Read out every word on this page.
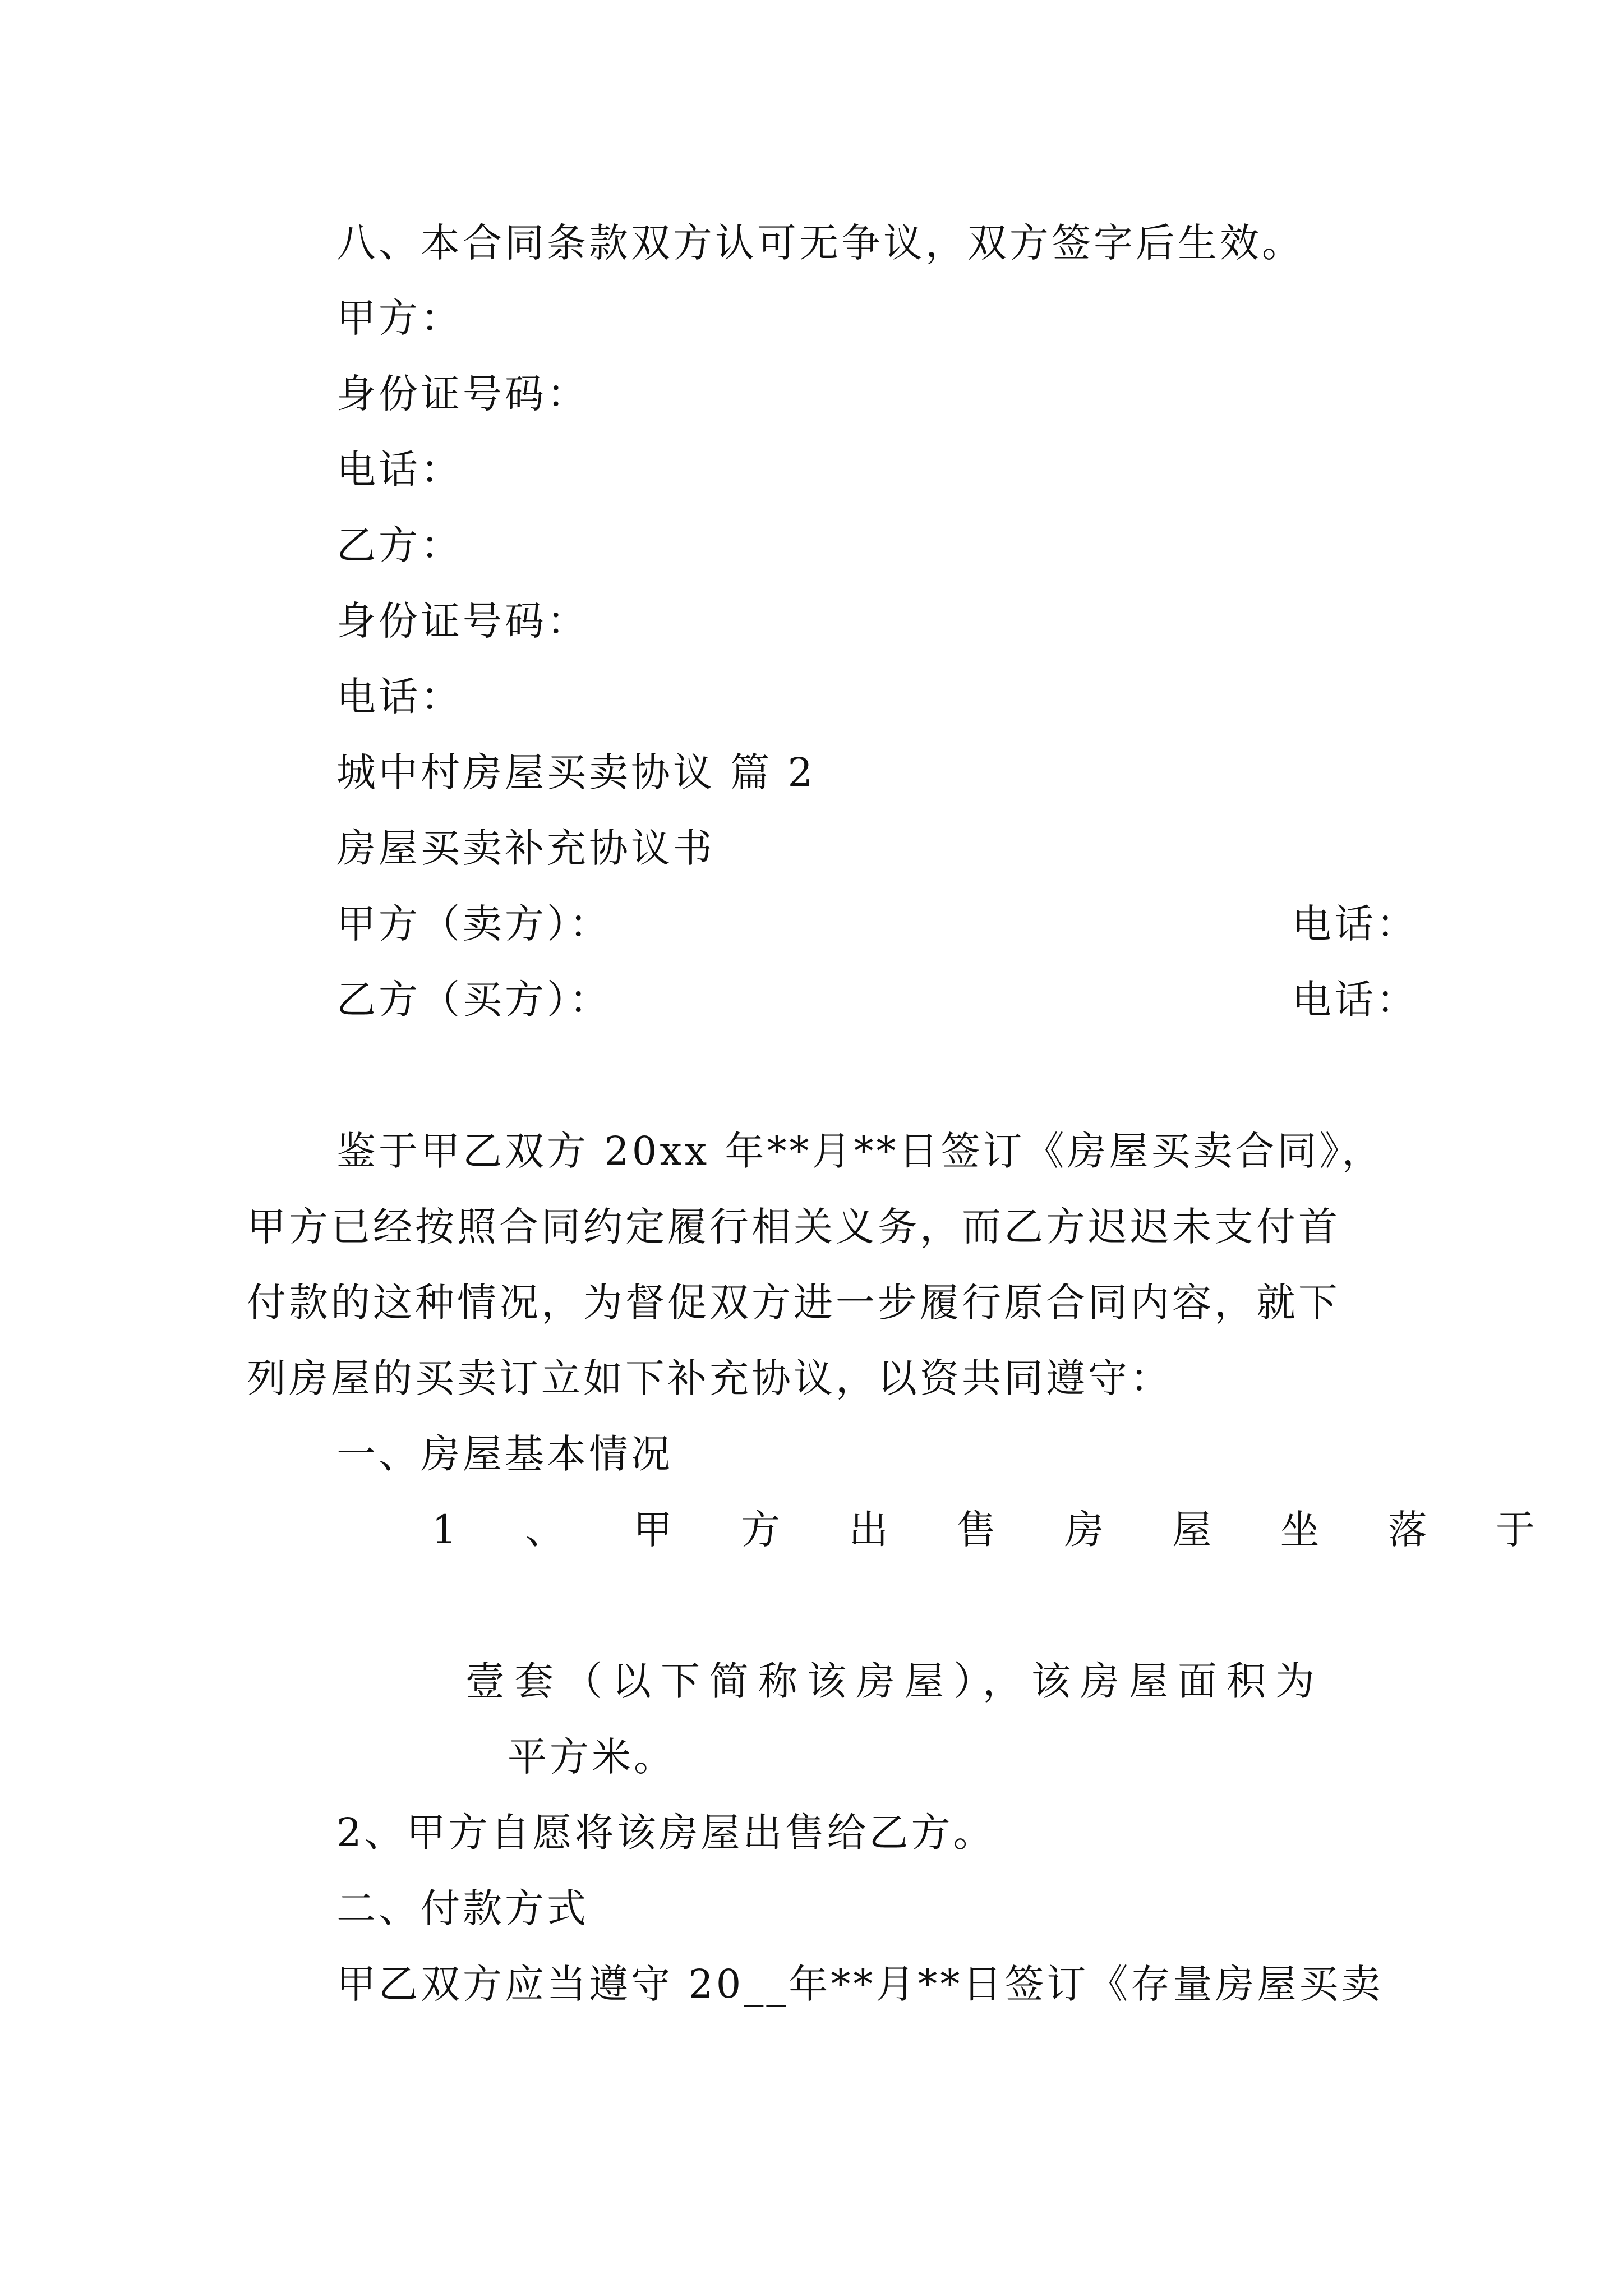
八、本合同条款双方认可无争议，双方签字后生效。
甲方：
身份证号码：
电话：
乙方：
身份证号码：
电话：
城中村房屋买卖协议 篇 2
房屋买卖补充协议书
甲方（卖方）：	电话：
乙方（买方）：	电话：
鉴于甲乙双方 20xx 年**月**日签订《房屋买卖合同》，
甲方已经按照合同约定履行相关义务，而乙方迟迟未支付首
付款的这种情况，为督促双方进一步履行原合同内容，就下
列房屋的买卖订立如下补充协议，以资共同遵守：
一、房屋基本情况
1 、 甲 方 出 售 房 屋 坐 落 于
壹套（以下简称该房屋），该房屋面积为
平方米。
2、甲方自愿将该房屋出售给乙方。
二、付款方式
甲乙双方应当遵守 20__年**月**日签订《存量房屋买卖
